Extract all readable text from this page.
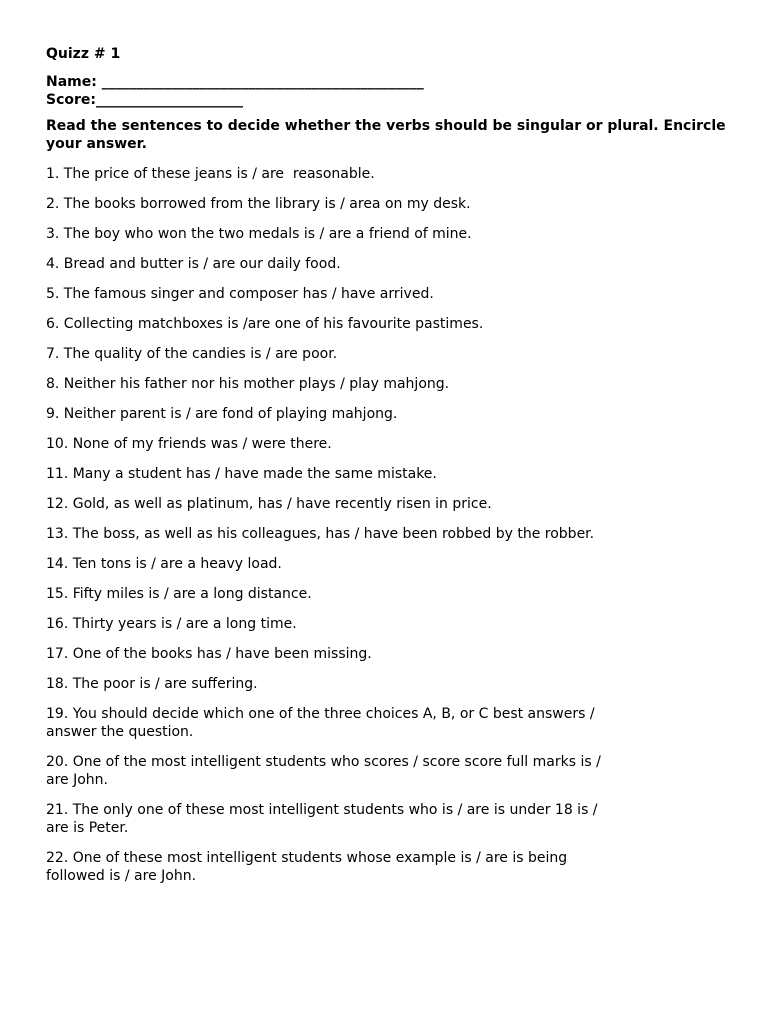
Quizz # 1
Name: ______________________________________________
Score:_____________________
Read the sentences to decide whether the verbs should be singular or plural. Encircle your answer.
1. The price of these jeans is / are  reasonable.
2. The books borrowed from the library is / area on my desk.
3. The boy who won the two medals is / are a friend of mine.
4. Bread and butter is / are our daily food.
5. The famous singer and composer has / have arrived.
6. Collecting matchboxes is /are one of his favourite pastimes.
7. The quality of the candies is / are poor.
8. Neither his father nor his mother plays / play mahjong.
9. Neither parent is / are fond of playing mahjong.
10. None of my friends was / were there.
11. Many a student has / have made the same mistake.
12. Gold, as well as platinum, has / have recently risen in price.
13. The boss, as well as his colleagues, has / have been robbed by the robber.
14. Ten tons is / are a heavy load.
15. Fifty miles is / are a long distance.
16. Thirty years is / are a long time.
17. One of the books has / have been missing.
18. The poor is / are suffering.
19. You should decide which one of the three choices A, B, or C best answers / answer the question.
20. One of the most intelligent students who scores / score score full marks is / are John.
21. The only one of these most intelligent students who is / are is under 18 is / are is Peter.
22. One of these most intelligent students whose example is / are is being followed is / are John.
